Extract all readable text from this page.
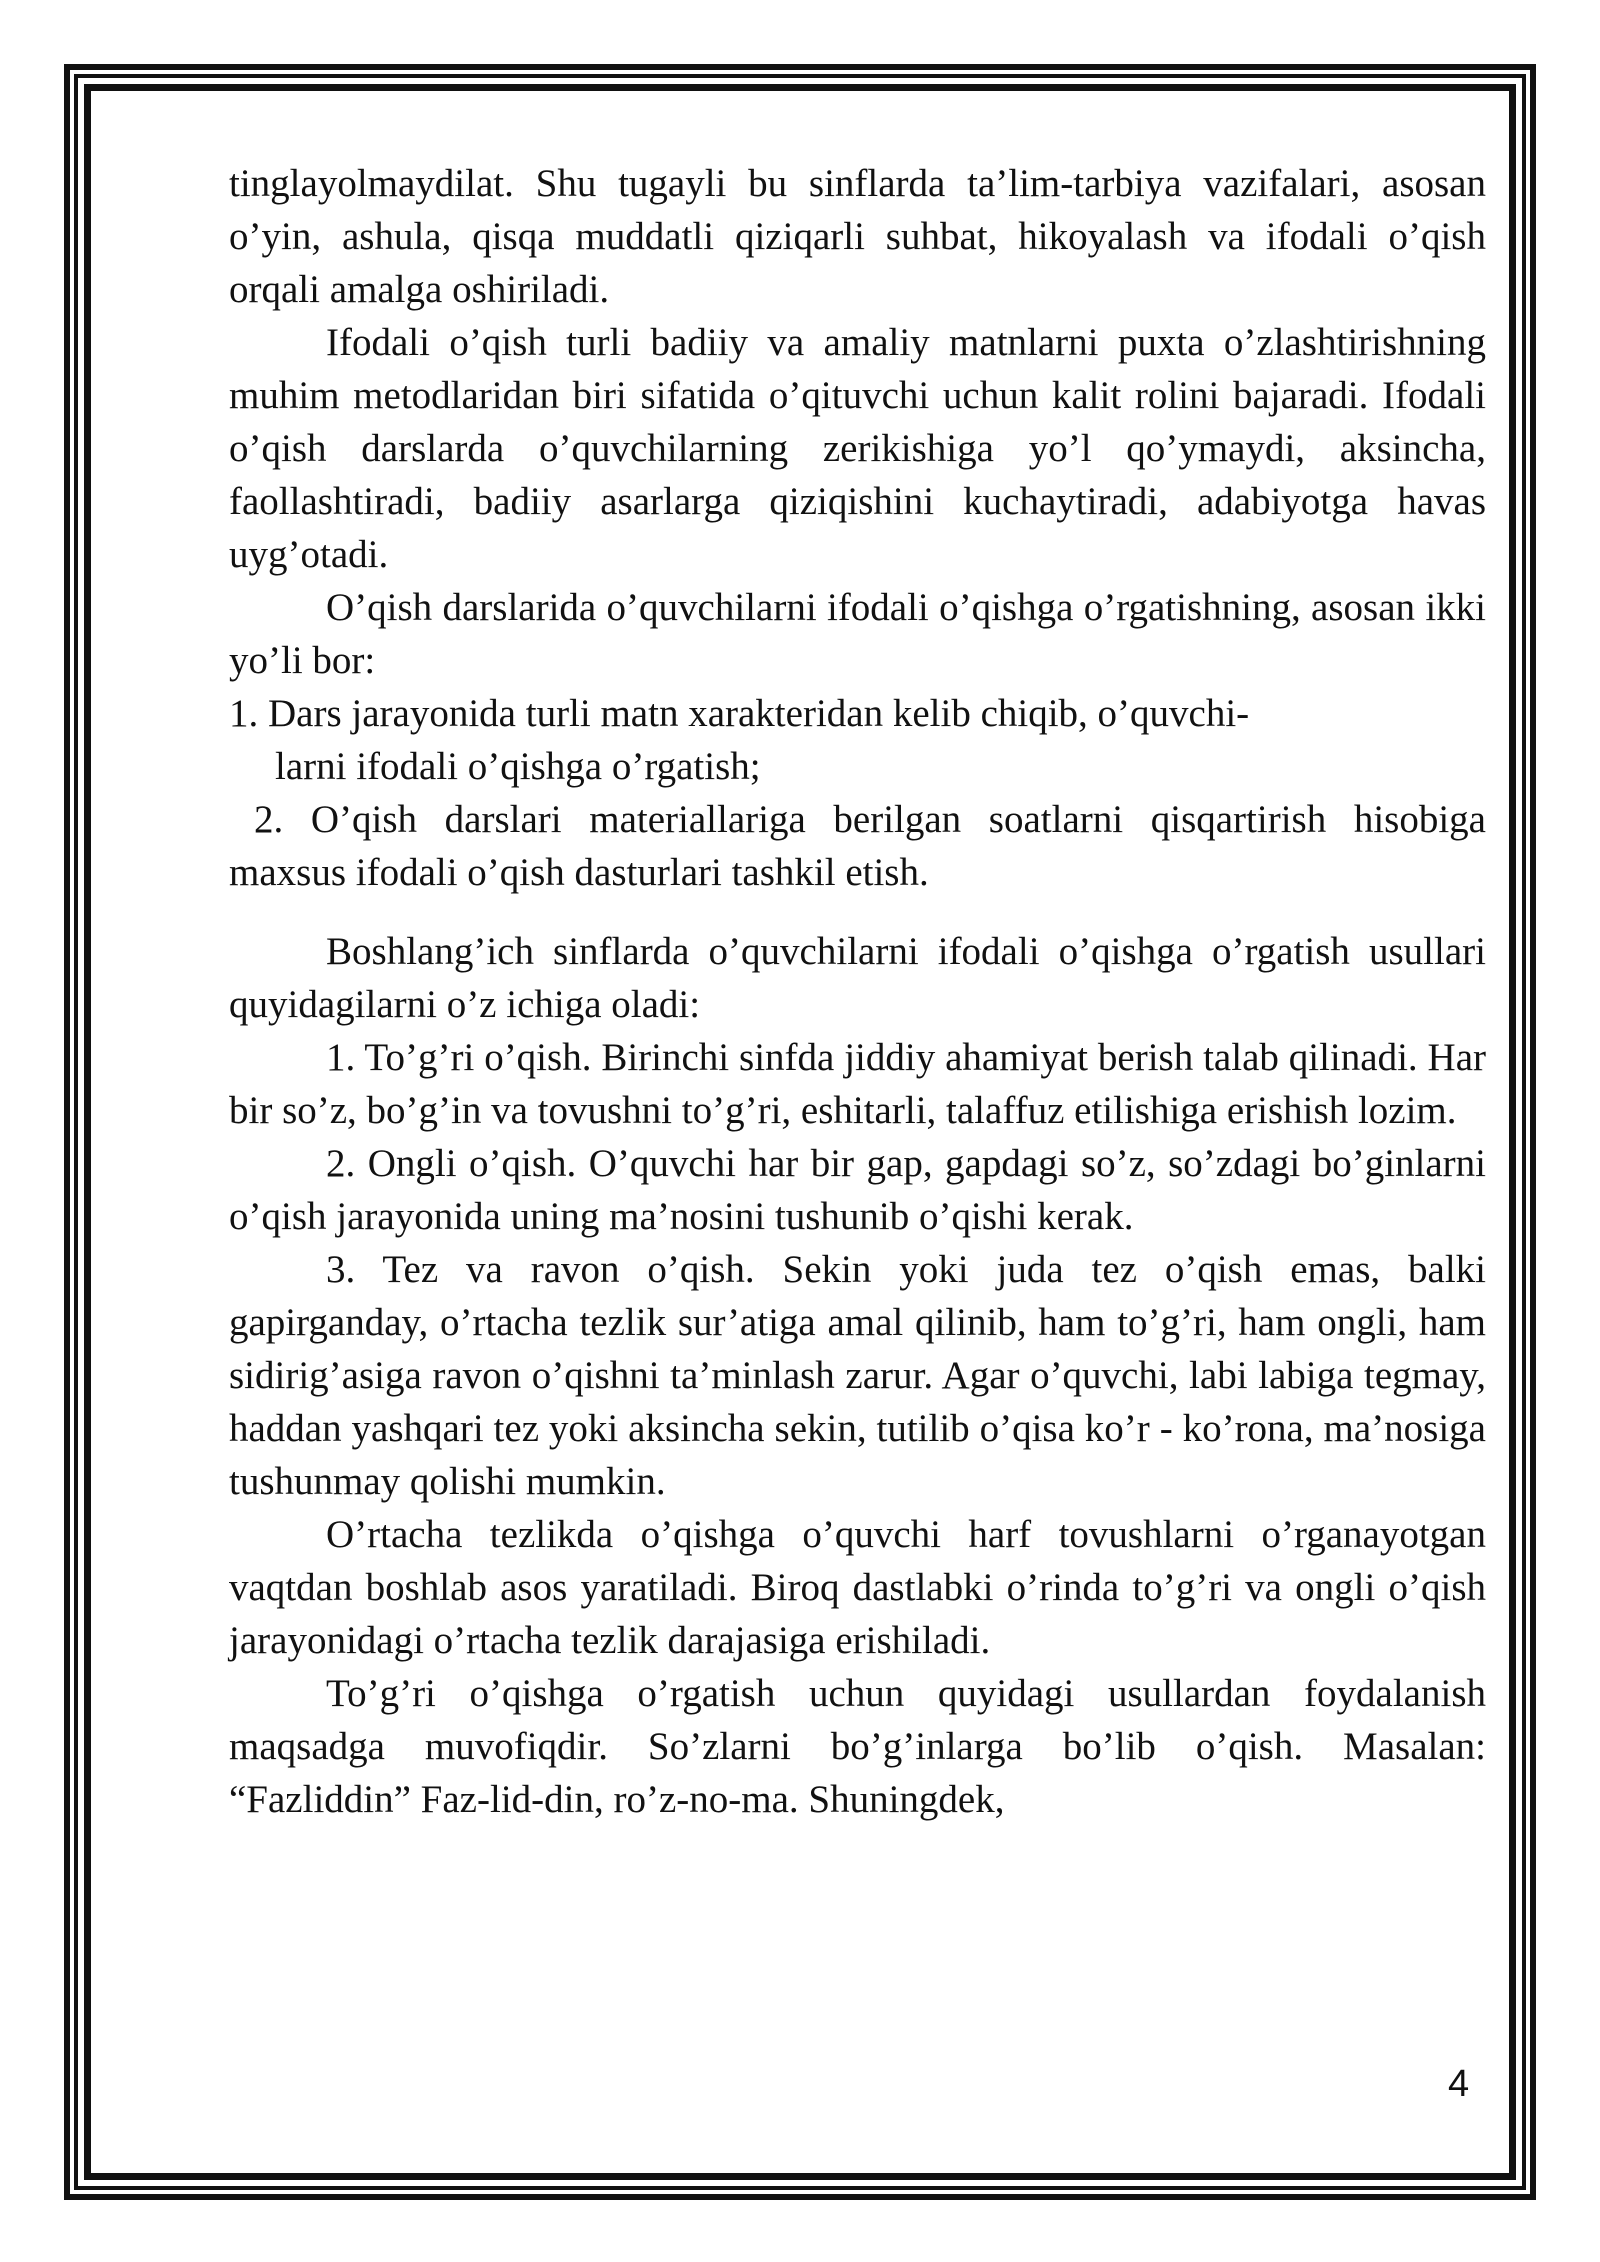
tinglayolmaydilat. Shu tugayli bu sinflarda ta’lim-tarbiya vazifalari, asosan o’yin, ashula, qisqa muddatli qiziqarli suhbat, hikoyalash va ifodali o’qish orqali amalga oshiriladi.

Ifodali o’qish turli badiiy va amaliy matnlarni puxta o’zlashtirishning muhim metodlaridan biri sifatida o’qituvchi uchun kalit rolini bajaradi. Ifodali o’qish darslarda o’quvchilarning zerikishiga yo’l qo’ymaydi, aksincha, faollashtiradi, badiiy asarlarga qiziqishini kuchaytiradi, adabiyotga havas uyg’otadi.

O’qish darslarida o’quvchilarni ifodali o’qishga o’rgatishning, asosan ikki yo’li bor:

1. Dars jarayonida turli matn xarakteridan kelib chiqib, o’quvchi-
larni ifodali o’qishga o’rgatish;

2. O’qish darslari materiallariga berilgan soatlarni qisqartirish hisobiga maxsus ifodali o’qish dasturlari tashkil etish.

Boshlang’ich sinflarda o’quvchilarni ifodali o’qishga o’rgatish usullari quyidagilarni o’z ichiga oladi:

1. To’g’ri o’qish. Birinchi sinfda jiddiy ahamiyat berish talab qilinadi. Har bir so’z, bo’g’in va tovushni to’g’ri, eshitarli, talaffuz etilishiga erishish lozim.

2. Ongli o’qish. O’quvchi har bir gap, gapdagi so’z, so’zdagi bo’ginlarni o’qish jarayonida uning ma’nosini tushunib o’qishi kerak.

3. Tez va ravon o’qish. Sekin yoki juda tez o’qish emas, balki gapirganday, o’rtacha tezlik sur’atiga amal qilinib, ham to’g’ri, ham ongli, ham sidirig’asiga ravon o’qishni ta’minlash zarur. Agar o’quvchi, labi labiga tegmay, haddan yashqari tez yoki aksincha sekin, tutilib o’qisa ko’r - ko’rona, ma’nosiga tushunmay qolishi mumkin.

O’rtacha tezlikda o’qishga o’quvchi harf tovushlarni o’rganayotgan vaqtdan boshlab asos yaratiladi. Biroq dastlabki o’rinda to’g’ri va ongli o’qish jarayonidagi o’rtacha tezlik darajasiga erishiladi.

To’g’ri o’qishga o’rgatish uchun quyidagi usullardan foydalanish maqsadga muvofiqdir. So’zlarni bo’g’inlarga bo’lib o’qish. Masalan: “Fazliddin” Faz-lid-din, ro’z-no-ma. Shuningdek,

4
